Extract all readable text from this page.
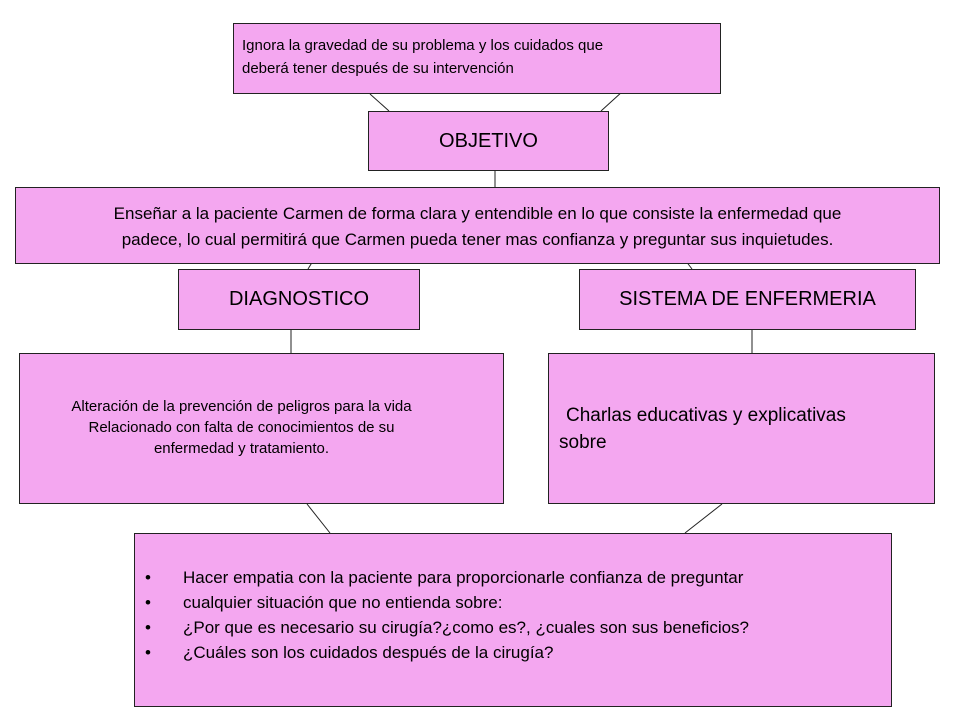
Ignora la gravedad de su problema y los cuidados que
deberá tener después de su intervención
OBJETIVO
Enseñar a la paciente Carmen de forma clara y entendible en lo que consiste la enfermedad que
padece, lo cual permitirá que Carmen pueda tener mas confianza y preguntar sus inquietudes.
DIAGNOSTICO	SISTEMA DE ENFERMERIA
Alteración de la prevención de peligros para la vida
Relacionado con falta de conocimientos de su
enfermedad y tratamiento.
Charlas educativas y explicativas
sobre
• Hacer empatia con la paciente para proporcionarle confianza de preguntar
• cualquier situación que no entienda sobre:
• ¿Por que es necesario su cirugía?¿como es?, ¿cuales son sus beneficios?
• ¿Cuáles son los cuidados después de la cirugía?
